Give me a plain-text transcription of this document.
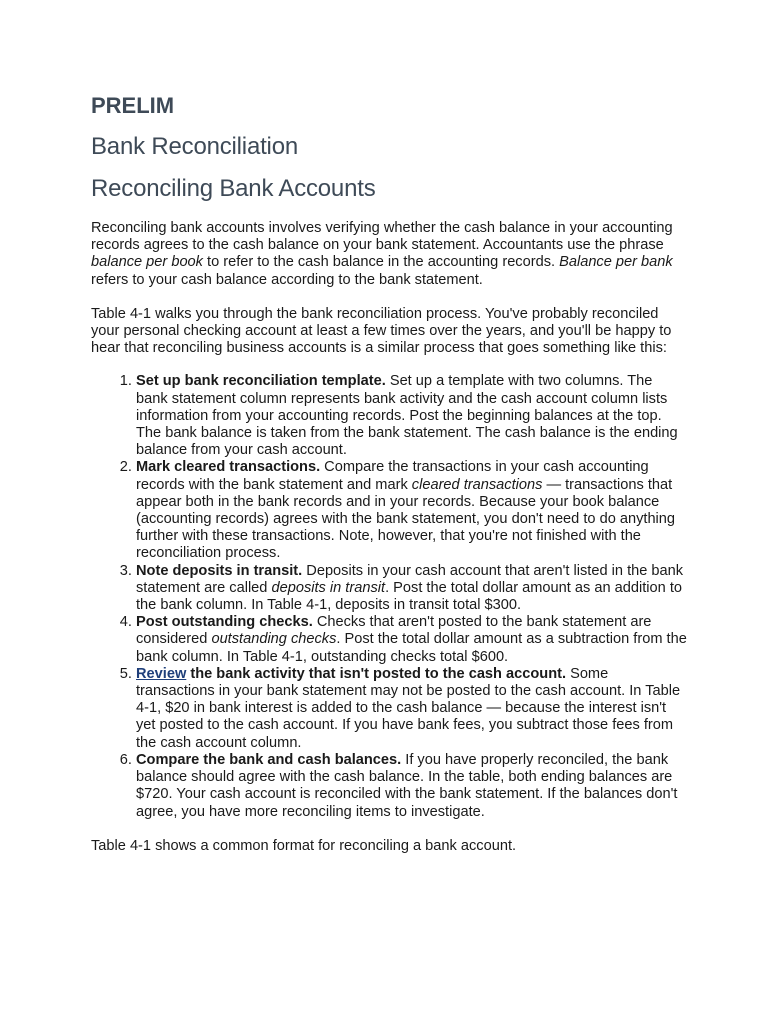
PRELIM
Bank Reconciliation
Reconciling Bank Accounts

Reconciling bank accounts involves verifying whether the cash balance in your accounting records agrees to the cash balance on your bank statement. Accountants use the phrase balance per book to refer to the cash balance in the accounting records. Balance per bank refers to your cash balance according to the bank statement.

Table 4-1 walks you through the bank reconciliation process. You've probably reconciled your personal checking account at least a few times over the years, and you'll be happy to hear that reconciling business accounts is a similar process that goes something like this:

1. Set up bank reconciliation template. Set up a template with two columns. The bank statement column represents bank activity and the cash account column lists information from your accounting records. Post the beginning balances at the top. The bank balance is taken from the bank statement. The cash balance is the ending balance from your cash account.
2. Mark cleared transactions. Compare the transactions in your cash accounting records with the bank statement and mark cleared transactions — transactions that appear both in the bank records and in your records. Because your book balance (accounting records) agrees with the bank statement, you don't need to do anything further with these transactions. Note, however, that you're not finished with the reconciliation process.
3. Note deposits in transit. Deposits in your cash account that aren't listed in the bank statement are called deposits in transit. Post the total dollar amount as an addition to the bank column. In Table 4-1, deposits in transit total $300.
4. Post outstanding checks. Checks that aren't posted to the bank statement are considered outstanding checks. Post the total dollar amount as a subtraction from the bank column. In Table 4-1, outstanding checks total $600.
5. Review the bank activity that isn't posted to the cash account. Some transactions in your bank statement may not be posted to the cash account. In Table 4-1, $20 in bank interest is added to the cash balance — because the interest isn't yet posted to the cash account. If you have bank fees, you subtract those fees from the cash account column.
6. Compare the bank and cash balances. If you have properly reconciled, the bank balance should agree with the cash balance. In the table, both ending balances are $720. Your cash account is reconciled with the bank statement. If the balances don't agree, you have more reconciling items to investigate.

Table 4-1 shows a common format for reconciling a bank account.
